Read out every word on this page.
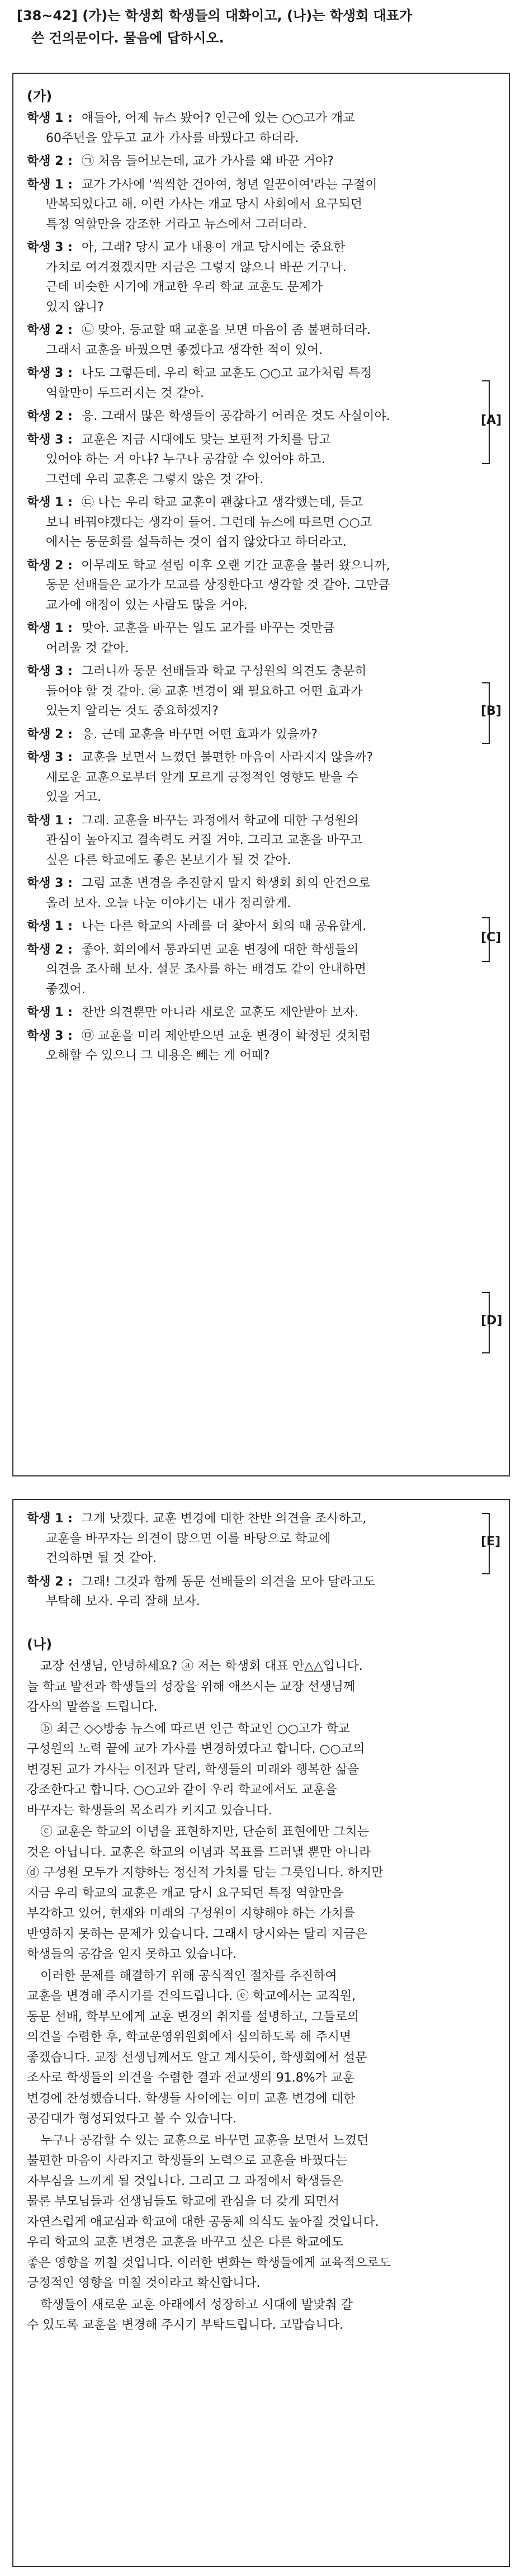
[38~42] (가)는 학생회 학생들의 대화이고, (나)는 학생회 대표가
쓴 건의문이다. 물음에 답하시오.
(가)
학생 1 : 얘들아, 어제 뉴스 봤어? 인근에 있는 ○○고가 개교
60주년을 앞두고 교가 가사를 바꿨다고 하더라.
학생 2 : ㉠ 처음 들어보는데, 교가 가사를 왜 바꾼 거야?
학생 1 : 교가 가사에 '씩씩한 건아여, 청년 일꾼이여'라는 구절이
반복되었다고 해. 이런 가사는 개교 당시 사회에서 요구되던
특정 역할만을 강조한 거라고 뉴스에서 그러더라.
학생 3 : 아, 그래? 당시 교가 내용이 개교 당시에는 중요한
가치로 여겨졌겠지만 지금은 그렇지 않으니 바꾼 거구나.
근데 비슷한 시기에 개교한 우리 학교 교훈도 문제가
있지 않니?
학생 2 : ㉡ 맞아. 등교할 때 교훈을 보면 마음이 좀 불편하더라.
그래서 교훈을 바꿨으면 좋겠다고 생각한 적이 있어.
학생 3 : 나도 그렇든데. 우리 학교 교훈도 ○○고 교가처럼 특정
역할만이 두드러지는 것 같아.
학생 2 : 응. 그래서 많은 학생들이 공감하기 어려운 것도 사실이야.
학생 3 : 교훈은 지금 시대에도 맞는 보편적 가치를 담고
있어야 하는 거 아냐? 누구나 공감할 수 있어야 하고.
그런데 우리 교훈은 그렇지 않은 것 같아.
학생 1 : ㉢ 나는 우리 학교 교훈이 괜찮다고 생각했는데, 듣고
보니 바꿔야겠다는 생각이 들어. 그런데 뉴스에 따르면 ○○고
에서는 동문회를 설득하는 것이 쉽지 않았다고 하더라고.
학생 2 : 아무래도 학교 설립 이후 오랜 기간 교훈을 불러 왔으니까,
동문 선배들은 교가가 모교를 상징한다고 생각할 것 같아. 그만큼
교가에 애정이 있는 사람도 많을 거야.
학생 1 : 맞아. 교훈을 바꾸는 일도 교가를 바꾸는 것만큼
어려울 것 같아.
학생 3 : 그러니까 동문 선배들과 학교 구성원의 의견도 충분히
들어야 할 것 같아. ㉣ 교훈 변경이 왜 필요하고 어떤 효과가
있는지 알리는 것도 중요하겠지?
학생 2 : 응. 근데 교훈을 바꾸면 어떤 효과가 있을까?
학생 3 : 교훈을 보면서 느꼈던 불편한 마음이 사라지지 않을까?
새로운 교훈으로부터 알게 모르게 긍정적인 영향도 받을 수
있을 거고.
학생 1 : 그래. 교훈을 바꾸는 과정에서 학교에 대한 구성원의
관심이 높아지고 결속력도 커질 거야. 그리고 교훈을 바꾸고
싶은 다른 학교에도 좋은 본보기가 될 것 같아.
학생 3 : 그럼 교훈 변경을 추진할지 말지 학생회 회의 안건으로
올려 보자. 오늘 나눈 이야기는 내가 정리할게.
학생 1 : 나는 다른 학교의 사례를 더 찾아서 회의 때 공유할게.
학생 2 : 좋아. 회의에서 통과되면 교훈 변경에 대한 학생들의
의견을 조사해 보자. 설문 조사를 하는 배경도 같이 안내하면
좋겠어.
학생 1 : 찬반 의견뿐만 아니라 새로운 교훈도 제안받아 보자.
학생 3 : ㉤ 교훈을 미리 제안받으면 교훈 변경이 확정된 것처럼
오해할 수 있으니 그 내용은 빼는 게 어때?
학생 1 : 그게 낫겠다. 교훈 변경에 대한 찬반 의견을 조사하고,
교훈을 바꾸자는 의견이 많으면 이를 바탕으로 학교에
건의하면 될 것 같아.
학생 2 : 그래! 그것과 함께 동문 선배들의 의견을 모아 달라고도
부탁해 보자. 우리 잘해 보자.
[A]
[B]
[C]
[D]
[E]
(나)
교장 선생님, 안녕하세요? ⓐ 저는 학생회 대표 안△△입니다.
늘 학교 발전과 학생들의 성장을 위해 애쓰시는 교장 선생님께
감사의 말씀을 드립니다.
ⓑ 최근 ◇◇방송 뉴스에 따르면 인근 학교인 ○○고가 학교
구성원의 노력 끝에 교가 가사를 변경하였다고 합니다. ○○고의
변경된 교가 가사는 이전과 달리, 학생들의 미래와 행복한 삶을
강조한다고 합니다. ○○고와 같이 우리 학교에서도 교훈을
바꾸자는 학생들의 목소리가 커지고 있습니다.
ⓒ 교훈은 학교의 이념을 표현하지만, 단순히 표현에만 그치는
것은 아닙니다. 교훈은 학교의 이념과 목표를 드러낼 뿐만 아니라
ⓓ 구성원 모두가 지향하는 정신적 가치를 담는 그릇입니다. 하지만
지금 우리 학교의 교훈은 개교 당시 요구되던 특정 역할만을
부각하고 있어, 현재와 미래의 구성원이 지향해야 하는 가치를
반영하지 못하는 문제가 있습니다. 그래서 당시와는 달리 지금은
학생들의 공감을 얻지 못하고 있습니다.
이러한 문제를 해결하기 위해 공식적인 절차를 추진하여
교훈을 변경해 주시기를 건의드립니다. ⓔ 학교에서는 교직원,
동문 선배, 학부모에게 교훈 변경의 취지를 설명하고, 그들로의
의견을 수렴한 후, 학교운영위원회에서 심의하도록 해 주시면
좋겠습니다. 교장 선생님께서도 알고 계시듯이, 학생회에서 설문
조사로 학생들의 의견을 수렴한 결과 전교생의 91.8%가 교훈
변경에 찬성했습니다. 학생들 사이에는 이미 교훈 변경에 대한
공감대가 형성되었다고 볼 수 있습니다.
누구나 공감할 수 있는 교훈으로 바꾸면 교훈을 보면서 느꼈던
불편한 마음이 사라지고 학생들의 노력으로 교훈을 바꿨다는
자부심을 느끼게 될 것입니다. 그리고 그 과정에서 학생들은
물론 부모님들과 선생님들도 학교에 관심을 더 갖게 되면서
자연스럽게 애교심과 학교에 대한 공동체 의식도 높아질 것입니다.
우리 학교의 교훈 변경은 교훈을 바꾸고 싶은 다른 학교에도
좋은 영향을 끼칠 것입니다. 이러한 변화는 학생들에게 교육적으로도
긍정적인 영향을 미칠 것이라고 확신합니다.
학생들이 새로운 교훈 아래에서 성장하고 시대에 발맞춰 갈
수 있도록 교훈을 변경해 주시기 부탁드립니다. 고맙습니다.
